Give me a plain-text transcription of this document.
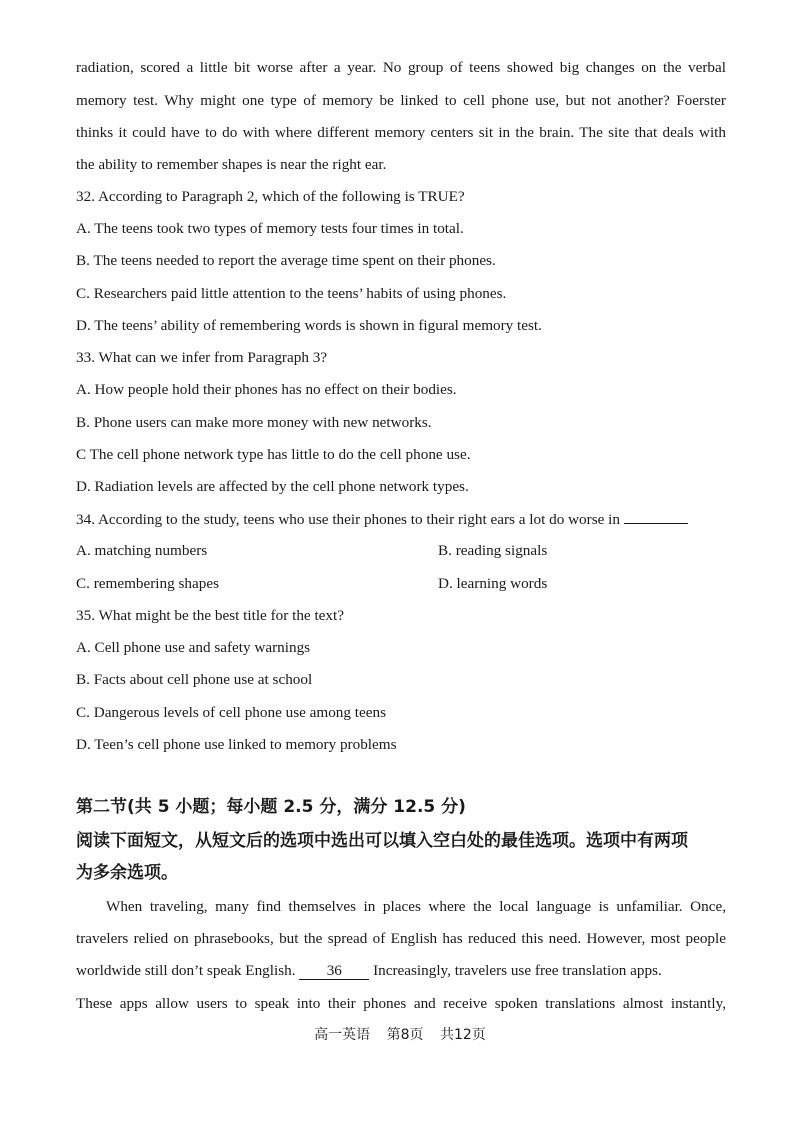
radiation, scored a little bit worse after a year. No group of teens showed big changes on the verbal
memory test. Why might one type of memory be linked to cell phone use, but not another? Foerster
thinks it could have to do with where different memory centers sit in the brain. The site that deals with
the ability to remember shapes is near the right ear.
32. According to Paragraph 2, which of the following is TRUE?
A. The teens took two types of memory tests four times in total.
B. The teens needed to report the average time spent on their phones.
C. Researchers paid little attention to the teens’ habits of using phones.
D. The teens’ ability of remembering words is shown in figural memory test.
33. What can we infer from Paragraph 3?
A. How people hold their phones has no effect on their bodies.
B. Phone users can make more money with new networks.
C The cell phone network type has little to do the cell phone use.
D. Radiation levels are affected by the cell phone network types.
34. According to the study, teens who use their phones to their right ears a lot do worse in
A. matching numbers	B. reading signals
C. remembering shapes	D. learning words
35. What might be the best title for the text?
A. Cell phone use and safety warnings
B. Facts about cell phone use at school
C. Dangerous levels of cell phone use among teens
D. Teen’s cell phone use linked to memory problems
第二节(共 5 小题；每小题 2.5 分，满分 12.5 分)
阅读下面短文，从短文后的选项中选出可以填入空白处的最佳选项。选项中有两项
为多余选项。
When traveling, many find themselves in places where the local language is unfamiliar. Once,
travelers relied on phrasebooks, but the spread of English has reduced this need. However, most people
worldwide still don’t speak English. 36 Increasingly, travelers use free translation apps.
These apps allow users to speak into their phones and receive spoken translations almost instantly,
高一英语 第8页 共12页
